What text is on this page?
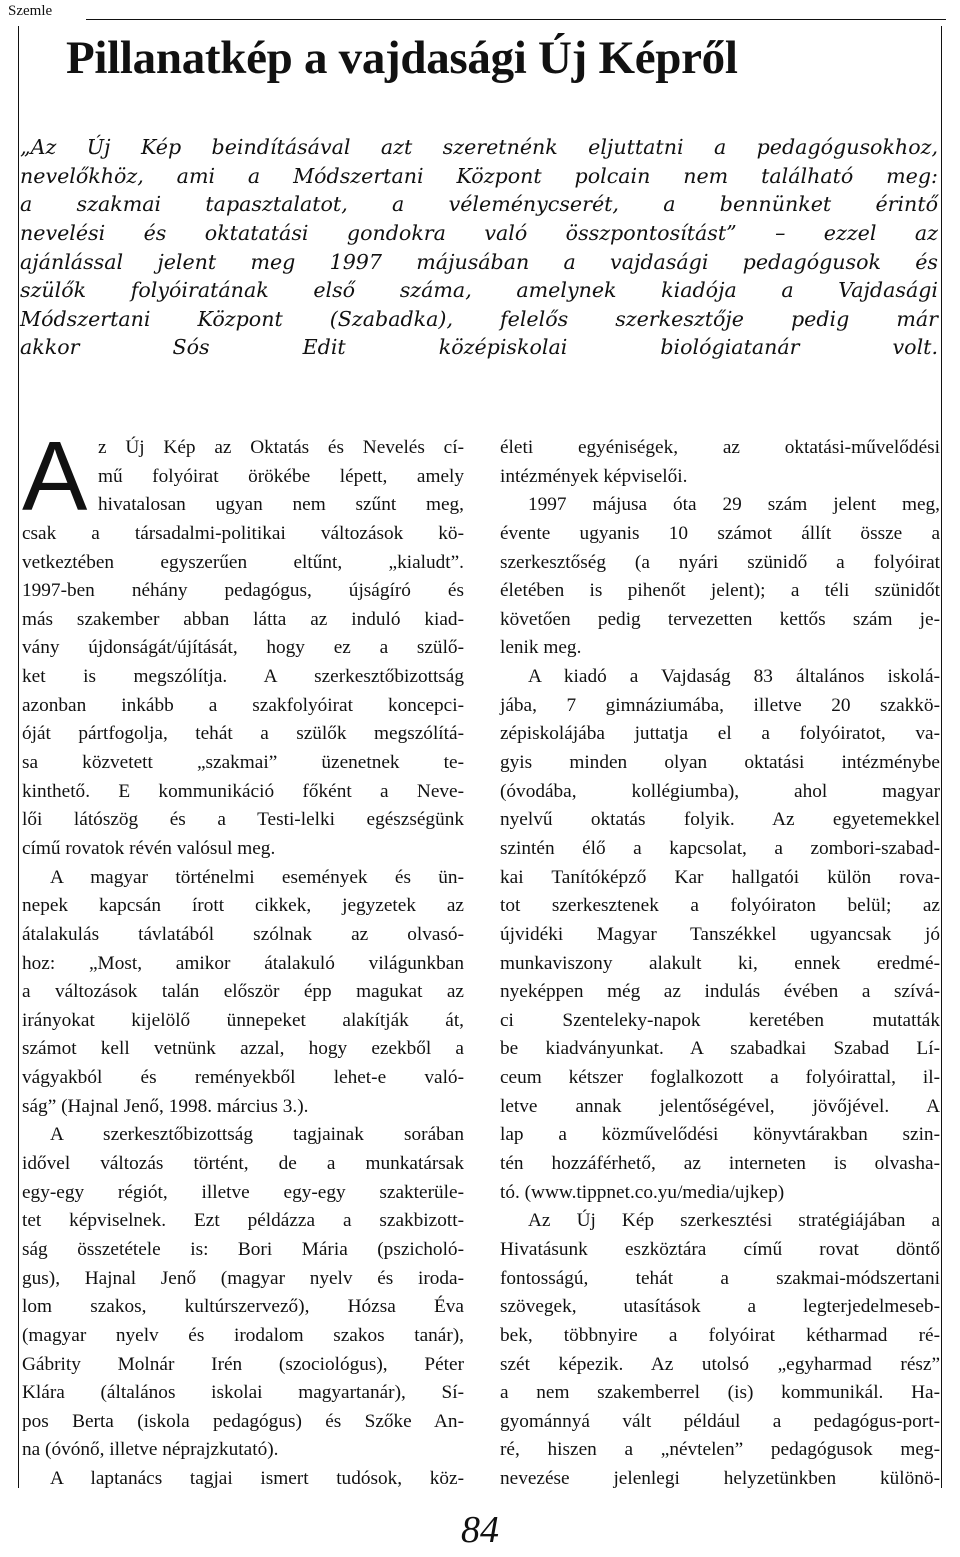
Szemle
Pillanatkép a vajdasági Új Képről
„Az Új Kép beindításával azt szeretnénk eljuttatni a pedagógusokhoz,
nevelőkhöz, ami a Módszertani Központ polcain nem található meg:
a szakmai tapasztalatot, a véleménycserét, a bennünket érintő
nevelési és oktatatási gondokra való összpontosítást” – ezzel az
ajánlással jelent meg 1997 májusában a vajdasági pedagógusok és
szülők folyóiratának első száma, amelynek kiadója a Vajdasági
Módszertani Központ (Szabadka), felelős szerkesztője pedig már
akkor Sós Edit középiskolai biológiatanár volt.
A z Új Kép az Oktatás és Nevelés cí-
mű folyóirat örökébe lépett, amely
hivatalosan ugyan nem szűnt meg,
csak a társadalmi-politikai változások kö-
vetkeztében egyszerűen eltűnt, „kialudt”.
1997-ben néhány pedagógus, újságíró és
más szakember abban látta az induló kiad-
vány újdonságát/újítását, hogy ez a szülő-
ket is megszólítja. A szerkesztőbizottság
azonban inkább a szakfolyóirat koncepci-
óját pártfogolja, tehát a szülők megszólítá-
sa közvetett „szakmai” üzenetnek te-
kinthető. E kommunikáció főként a Neve-
lői látószög és a Testi-lelki egészségünk
című rovatok révén valósul meg.
A magyar történelmi események és ün-
nepek kapcsán írott cikkek, jegyzetek az
átalakulás távlatából szólnak az olvasó-
hoz: „Most, amikor átalakuló világunkban
a változások talán először épp magukat az
irányokat kijelölő ünnepeket alakítják át,
számot kell vetnünk azzal, hogy ezekből a
vágyakból és reményekből lehet-e való-
ság” (Hajnal Jenő, 1998. március 3.).
A szerkesztőbizottság tagjainak sorában
idővel változás történt, de a munkatársak
egy-egy régiót, illetve egy-egy szakterüle-
tet képviselnek. Ezt példázza a szakbizott-
ság összetétele is: Bori Mária (pszicholó-
gus), Hajnal Jenő (magyar nyelv és iroda-
lom szakos, kultúrszervező), Hózsa Éva
(magyar nyelv és irodalom szakos tanár),
Gábrity Molnár Irén (szociológus), Péter
Klára (általános iskolai magyartanár), Sí-
pos Berta (iskola pedagógus) és Szőke An-
na (óvónő, illetve néprajzkutató).
A laptanács tagjai ismert tudósok, köz-
életi egyéniségek, az oktatási-művelődési
intézmények képviselői.
1997 májusa óta 29 szám jelent meg,
évente ugyanis 10 számot állít össze a
szerkesztőség (a nyári szünidő a folyóirat
életében is pihenőt jelent); a téli szünidőt
követően pedig tervezetten kettős szám je-
lenik meg.
A kiadó a Vajdaság 83 általános iskolá-
jába, 7 gimnáziumába, illetve 20 szakkö-
zépiskolájába juttatja el a folyóiratot, va-
gyis minden olyan oktatási intézménybe
(óvodába, kollégiumba), ahol magyar
nyelvű oktatás folyik. Az egyetemekkel
szintén élő a kapcsolat, a zombori-szabad-
kai Tanítóképző Kar hallgatói külön rova-
tot szerkesztenek a folyóiraton belül; az
újvidéki Magyar Tanszékkel ugyancsak jó
munkaviszony alakult ki, ennek eredmé-
nyeképpen még az indulás évében a szívá-
ci Szenteleky-napok keretében mutatták
be kiadványunkat. A szabadkai Szabad Lí-
ceum kétszer foglalkozott a folyóirattal, il-
letve annak jelentőségével, jövőjével. A
lap a közművelődési könyvtárakban szin-
tén hozzáférhető, az interneten is olvasha-
tó. (www.tippnet.co.yu/media/ujkep)
Az Új Kép szerkesztési stratégiájában a
Hivatásunk eszköztára című rovat döntő
fontosságú, tehát a szakmai-módszertani
szövegek, utasítások a legterjedelmeseb-
bek, többnyire a folyóirat kétharmad ré-
szét képezik. Az utolsó „egyharmad rész”
a nem szakemberrel (is) kommunikál. Ha-
gyománnyá vált például a pedagógus-port-
ré, hiszen a „névtelen” pedagógusok meg-
nevezése jelenlegi helyzetünkben különö-
84
